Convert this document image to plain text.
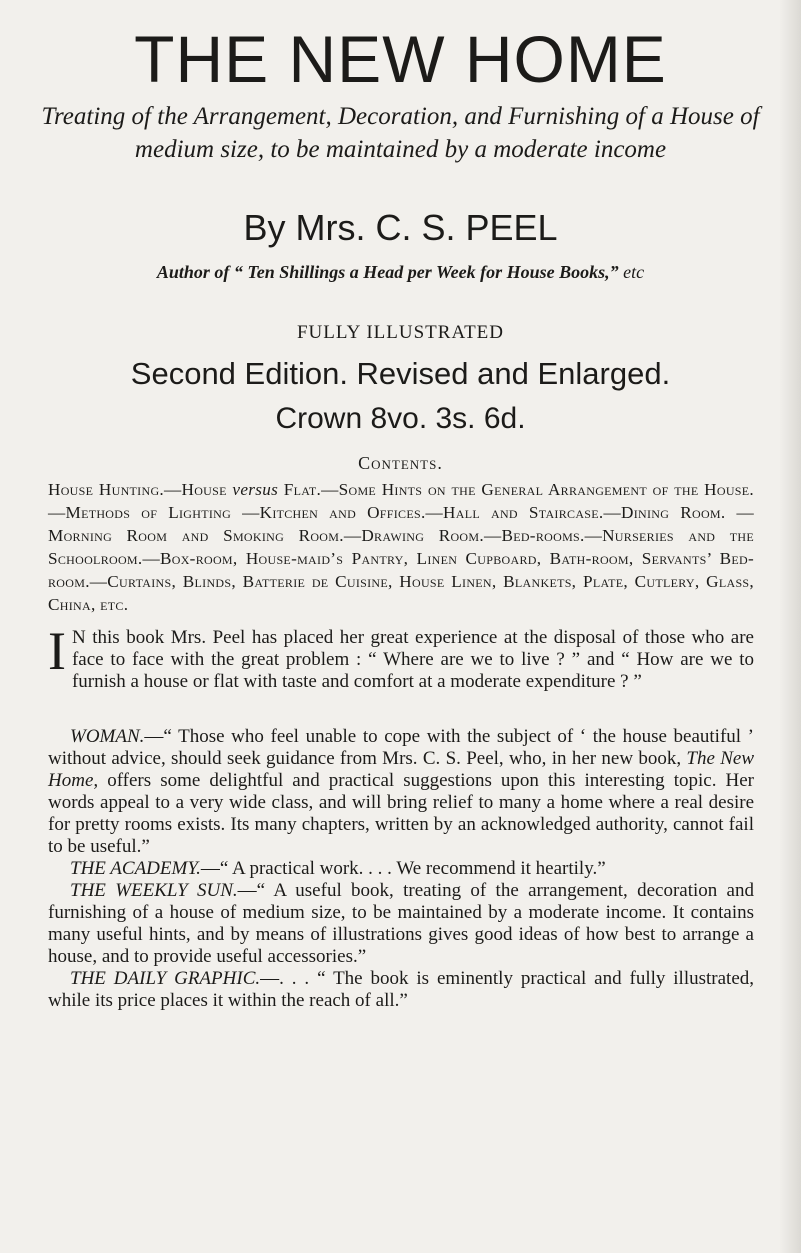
THE NEW HOME
Treating of the Arrangement, Decoration, and Furnishing of a House of medium size, to be maintained by a moderate income
By Mrs. C. S. PEEL
Author of “ Ten Shillings a Head per Week for House Books,” etc
FULLY ILLUSTRATED
Second Edition. Revised and Enlarged.
Crown 8vo. 3s. 6d.
Contents.
House Hunting.—House versus Flat.—Some Hints on the General Arrangement of the House.—Methods of Lighting —Kitchen and Offices.—Hall and Staircase.—Dining Room. —Morning Room and Smoking Room.—Drawing Room.—Bed-rooms.—Nurseries and the Schoolroom.—Box-room, House-maid’s Pantry, Linen Cupboard, Bath-room, Servants’ Bed-room.—Curtains, Blinds, Batterie de Cuisine, House Linen, Blankets, Plate, Cutlery, Glass, China, etc.
I N this book Mrs. Peel has placed her great experience at the disposal of those who are face to face with the great problem : “ Where are we to live ? ” and “ How are we to furnish a house or flat with taste and comfort at a moderate expenditure ? ”

WOMAN.—“ Those who feel unable to cope with the subject of ‘ the house beautiful ’ without advice, should seek guidance from Mrs. C. S. Peel, who, in her new book, The New Home, offers some delightful and practical suggestions upon this interesting topic. Her words appeal to a very wide class, and will bring relief to many a home where a real desire for pretty rooms exists. Its many chapters, written by an acknowledged authority, cannot fail to be useful.”

THE ACADEMY.—“ A practical work. . . . We recommend it heartily.”

THE WEEKLY SUN.—“ A useful book, treating of the arrangement, decoration and furnishing of a house of medium size, to be maintained by a moderate income. It contains many useful hints, and by means of illustrations gives good ideas of how best to arrange a house, and to provide useful accessories.”

THE DAILY GRAPHIC.—. . . “ The book is eminently practical and fully illustrated, while its price places it within the reach of all.”
